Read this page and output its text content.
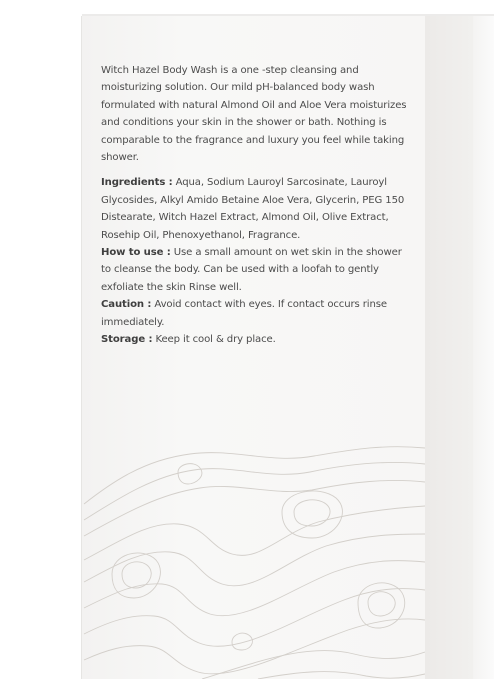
Witch Hazel Body Wash is a one -step cleansing and moisturizing solution. Our mild pH-balanced body wash formulated with natural Almond Oil and Aloe Vera moisturizes and conditions your skin in the shower or bath. Nothing is comparable to the fragrance and luxury you feel while taking shower.

Ingredients : Aqua, Sodium Lauroyl Sarcosinate, Lauroyl Glycosides, Alkyl Amido Betaine Aloe Vera, Glycerin, PEG 150 Distearate, Witch Hazel Extract, Almond Oil, Olive Extract, Rosehip Oil, Phenoxyethanol, Fragrance.

How to use : Use a small amount on wet skin in the shower to cleanse the body. Can be used with a loofah to gently exfoliate the skin Rinse well.

Caution : Avoid contact with eyes. If contact occurs rinse immediately.

Storage : Keep it cool & dry place.
